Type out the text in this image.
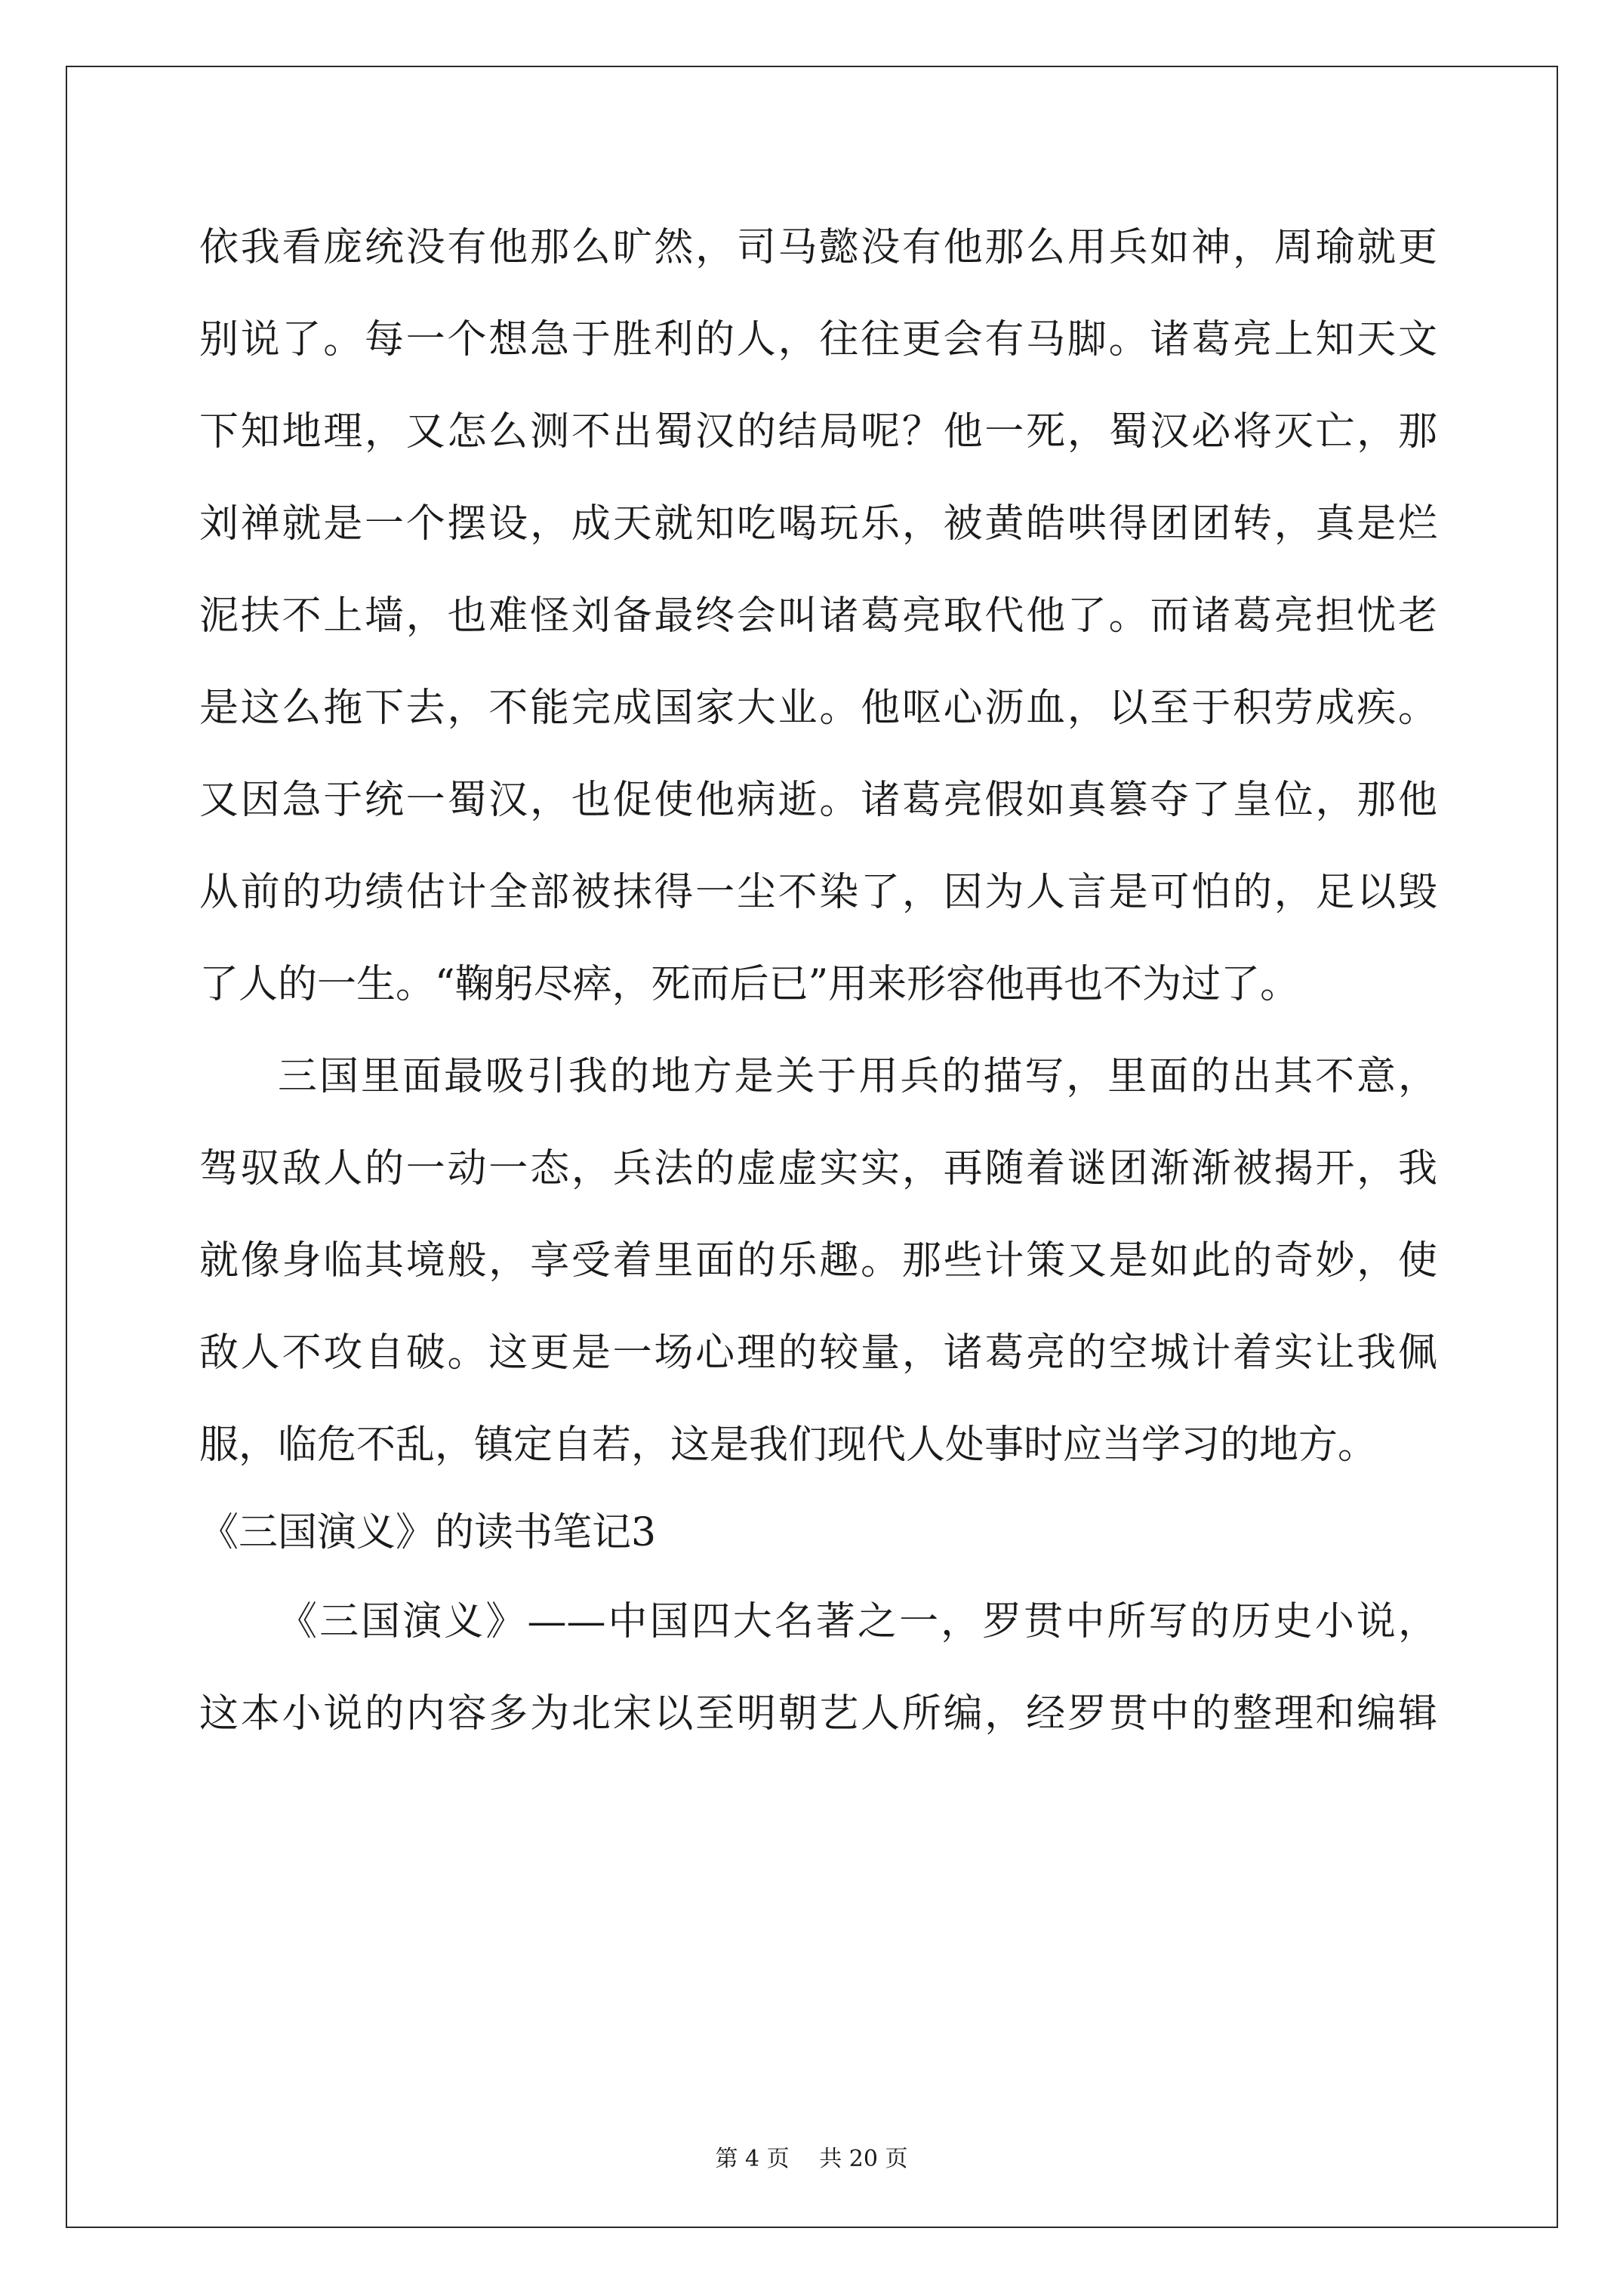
依我看庞统没有他那么旷然，司马懿没有他那么用兵如神，周瑜就更
别说了。每一个想急于胜利的人，往往更会有马脚。诸葛亮上知天文
下知地理，又怎么测不出蜀汉的结局呢？他一死，蜀汉必将灭亡，那
刘禅就是一个摆设，成天就知吃喝玩乐，被黄皓哄得团团转，真是烂
泥扶不上墙，也难怪刘备最终会叫诸葛亮取代他了。而诸葛亮担忧老
是这么拖下去，不能完成国家大业。他呕心沥血，以至于积劳成疾。
又因急于统一蜀汉，也促使他病逝。诸葛亮假如真篡夺了皇位，那他
从前的功绩估计全部被抹得一尘不染了，因为人言是可怕的，足以毁
了人的一生。“鞠躬尽瘁，死而后已”用来形容他再也不为过了。
三国里面最吸引我的地方是关于用兵的描写，里面的出其不意，
驾驭敌人的一动一态，兵法的虚虚实实，再随着谜团渐渐被揭开，我
就像身临其境般，享受着里面的乐趣。那些计策又是如此的奇妙，使
敌人不攻自破。这更是一场心理的较量，诸葛亮的空城计着实让我佩
服，临危不乱，镇定自若，这是我们现代人处事时应当学习的地方。
《三国演义》的读书笔记3
《三国演义》——中国四大名著之一，罗贯中所写的历史小说，
这本小说的内容多为北宋以至明朝艺人所编，经罗贯中的整理和编辑
第 4 页　 共 20 页
